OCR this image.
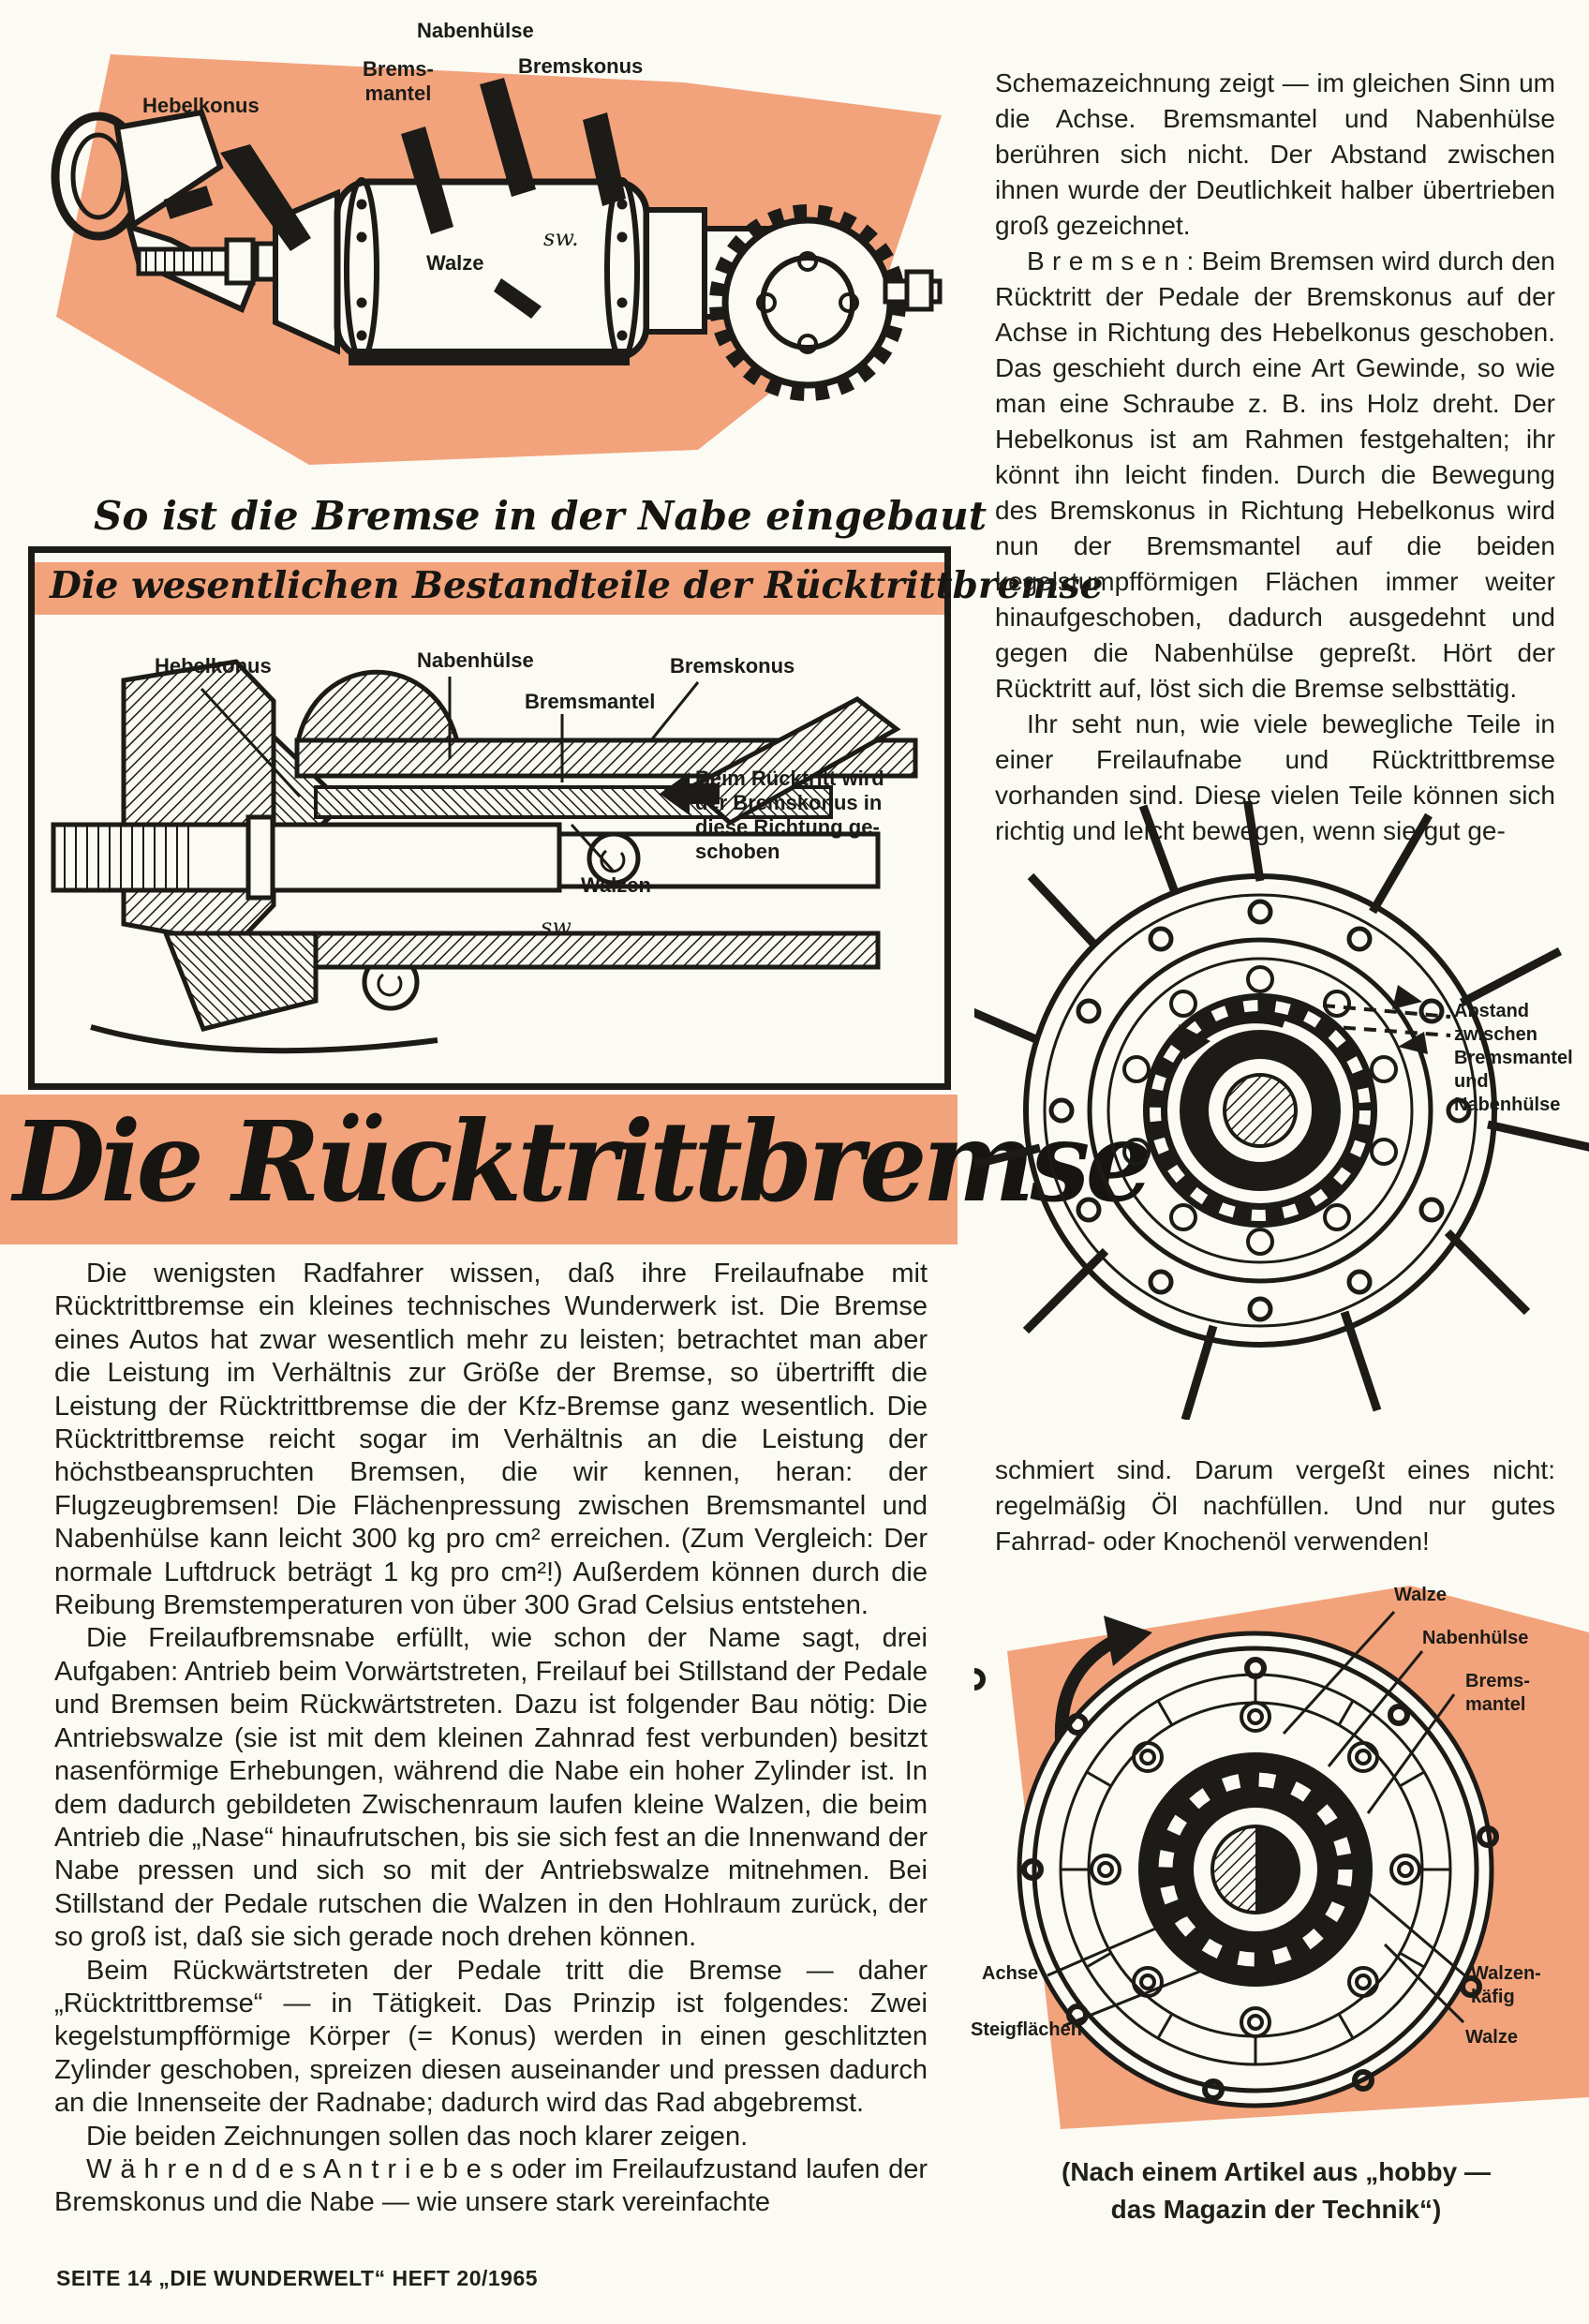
Hebelkonus
Brems-
mantel
Nabenhülse
Bremskonus
Walze
sw.
So ist die Bremse in der Nabe eingebaut
Die wesentlichen Bestandteile der Rücktrittbremse
Hebelkonus	Nabenhülse
Bremsmantel
Bremskonus
Walzen
Beim Rücktritt wird
der Bremskonus in
diese Richtung ge-
schoben
sw
Die Rücktrittbremse

Die wenigsten Radfahrer wissen, daß ihre Freilaufnabe mit Rücktrittbremse ein kleines technisches Wunderwerk ist. Die Bremse eines Autos hat zwar wesentlich mehr zu leisten; betrachtet man aber die Leistung im Verhältnis zur Größe der Bremse, so übertrifft die Leistung der Rücktrittbremse die der Kfz-Bremse ganz wesentlich. Die Rücktrittbremse reicht sogar im Verhältnis an die Leistung der höchstbeanspruchten Bremsen, die wir kennen, heran: der Flugzeugbremsen! Die Flächenpressung zwischen Bremsmantel und Nabenhülse kann leicht 300 kg pro cm² erreichen. (Zum Vergleich: Der normale Luftdruck beträgt 1 kg pro cm²!) Außerdem können durch die Reibung Bremstemperaturen von über 300 Grad Celsius entstehen.

Die Freilaufbremsnabe erfüllt, wie schon der Name sagt, drei Aufgaben: Antrieb beim Vorwärtstreten, Freilauf bei Stillstand der Pedale und Bremsen beim Rückwärtstreten. Dazu ist folgender Bau nötig: Die Antriebswalze (sie ist mit dem kleinen Zahnrad fest verbunden) besitzt nasenförmige Erhebungen, während die Nabe ein hoher Zylinder ist. In dem dadurch gebildeten Zwischenraum laufen kleine Walzen, die beim Antrieb die „Nase“ hinaufrutschen, bis sie sich fest an die Innenwand der Nabe pressen und sich so mit der Antriebswalze mitnehmen. Bei Stillstand der Pedale rutschen die Walzen in den Hohlraum zurück, der so groß ist, daß sie sich gerade noch drehen können.

Beim Rückwärtstreten der Pedale tritt die Bremse — daher „Rücktrittbremse“ — in Tätigkeit. Das Prinzip ist folgendes: Zwei kegelstumpfförmige Körper (= Konus) werden in einen geschlitzten Zylinder geschoben, spreizen diesen auseinander und pressen dadurch an die Innenseite der Radnabe; dadurch wird das Rad abgebremst.

Die beiden Zeichnungen sollen das noch klarer zeigen.

W ä h r e n d d e s A n t r i e b e s oder im Freilaufzustand laufen der Bremskonus und die Nabe — wie unsere stark vereinfachte

Schemazeichnung zeigt — im gleichen Sinn um die Achse. Bremsmantel und Nabenhülse berühren sich nicht. Der Abstand zwischen ihnen wurde der Deutlichkeit halber übertrieben groß gezeichnet.

B r e m s e n : Beim Bremsen wird durch den Rücktritt der Pedale der Bremskonus auf der Achse in Richtung des Hebelkonus geschoben. Das geschieht durch eine Art Gewinde, so wie man eine Schraube z. B. ins Holz dreht. Der Hebelkonus ist am Rahmen festgehalten; ihr könnt ihn leicht finden. Durch die Bewegung des Bremskonus in Richtung Hebelkonus wird nun der Bremsmantel auf die beiden kegelstumpfförmigen Flächen immer weiter hinaufgeschoben, dadurch ausgedehnt und gegen die Nabenhülse gepreßt. Hört der Rücktritt auf, löst sich die Bremse selbsttätig.

Ihr seht nun, wie viele bewegliche Teile in einer Freilaufnabe und Rücktrittbremse vorhanden sind. Diese vielen Teile können sich richtig und leicht bewegen, wenn sie gut ge-

Abstand zwischen
Bremsmantel
und Nabenhülse

schmiert sind. Darum vergeßt eines nicht: regelmäßig Öl nachfüllen. Und nur gutes Fahrrad- oder Knochenöl verwenden!

Walze
Nabenhülse
Brems-
mantel
Achse
Steigflächen
Walzen-
käfig
Walze
(Nach einem Artikel aus „hobby —
das Magazin der Technik“)
SEITE 14 „DIE WUNDERWELT“ HEFT 20/1965
